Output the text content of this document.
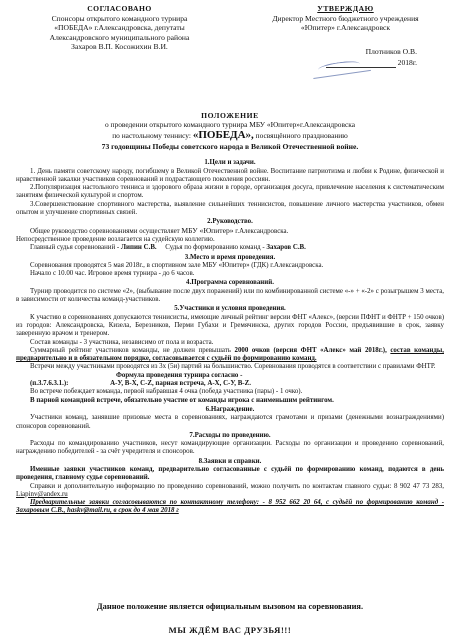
СОГЛАСОВАНО
Спонсоры открытого командного турнира
«ПОБЕДА» г.Александровска, депутаты
Александровского муниципального района
Захаров В.П. Косожихин В.И.
УТВЕРЖДАЮ
Директор Местного бюджетного учреждения
«Юпитер» г.Александровск
Плотников О.В.
2018г.

ПОЛОЖЕНИЕ

о проведении открытого командного турнира МБУ «Юпитер»г.Александровска

по настольному теннису: «ПОБЕДА», посвящённого празднованию

73 годовщины Победы советского народа в Великой Отечественной войне.

1.Цели и задачи.

1. День памяти советскому народу, погибшему в Великой Отечественной войне. Воспитание патриотизма и любви к Родине, физической и нравственной закалки участников соревнований и подрастающего поколения россиян.

2.Популяризация настольного тенниса и здорового образа жизни в городе, организация досуга, привлечение населения к систематическим занятиям физической культурой и спортом.

3.Совершенствование спортивного мастерства, выявление сильнейших теннисистов, повышение личного мастерства участников, обмен опытом и улучшение спортивных связей.

2.Руководство.

Общее руководство соревнованиями осуществляет МБУ «Юпитер» г.Александровска.

Непосредственное проведение возлагается на судейскую коллегию.

Главный судья соревнований - Липин С.В. Судья по формированию команд - Захаров С.В.

3.Место и время проведения.

Соревнования проводятся 5 мая 2018г., в спортивном зале МБУ «Юпитер» (ГДК) г.Александровска.

Начало с 10.00 час. Игровое время турнира - до 6 часов.

4.Программа соревнований.

Турнир проводится по системе «2», (выбывание после двух поражений) или по комбинированной системе «-» + «-2» с розыгрышем 3 места, в зависимости от количества команд-участников.

5.Участники и условия проведения.

К участию в соревнованиях допускаются теннисисты, имеющие личный рейтинг версии ФНТ «Алекс», (версии ПФНТ и ФНТР + 150 очков) из городов: Александровска, Кизела, Березников, Перми Губахи и Гремячинска, других городов России, предъявившие в срок, заявку заверенную врачом и тренером.

Состав команды - 3 участника, независимо от пола и возраста.

Суммарный рейтинг участников команды, не должен превышать 2000 очков (версия ФНТ «Алекс» май 2018г.), состав команды, предварительно и в обязательном порядке, согласовывается с судьёй по формированию команд.

Встречи между участниками проводятся из 3х (5и) партий на большинство. Соревнования проводятся в соответствии с правилами ФНТР.

Формула проведения турнира согласно -

(п.3.7.6.3.1.):	А-У, В-Х, С-Z, парная встреча, А-Х, С-У, В-Z.

Во встрече побеждает команда, первой набравшая 4 очка (победа участника (пары) - 1 очко).

В парной командной встрече, обязательно участие от команды игрока с наименьшим рейтингом.

6.Награждение.

Участники команд, занявшие призовые места в соревнованиях, награждаются грамотами и призами (денежными вознаграждениями) спонсоров соревнований.

7.Расходы по проведению.

Расходы по командированию участников, несут командирующие организации. Расходы по организации и проведению соревнований, награждению победителей - за счёт учредителя и спонсоров.

8.Заявки и справки.

Именные заявки участников команд, предварительно согласованные с судьёй по формированию команд, подаются в день проведения, главному судье соревнований.

Справки и дополнительную информацию по проведению соревнований, можно получить по контактам главного судьи: 8 902 47 73 283, Liapinv@andex.ru

Предварительные заявки согласовываются по контактному телефону: - 8 952 662 20 64, с судьёй по формированию команд - Захаровым С.В., haskv@mail.ru, в срок до 4 мая 2018 г

Данное положение является официальным вызовом на соревнования.
МЫ ЖДЁМ ВАС ДРУЗЬЯ!!!
